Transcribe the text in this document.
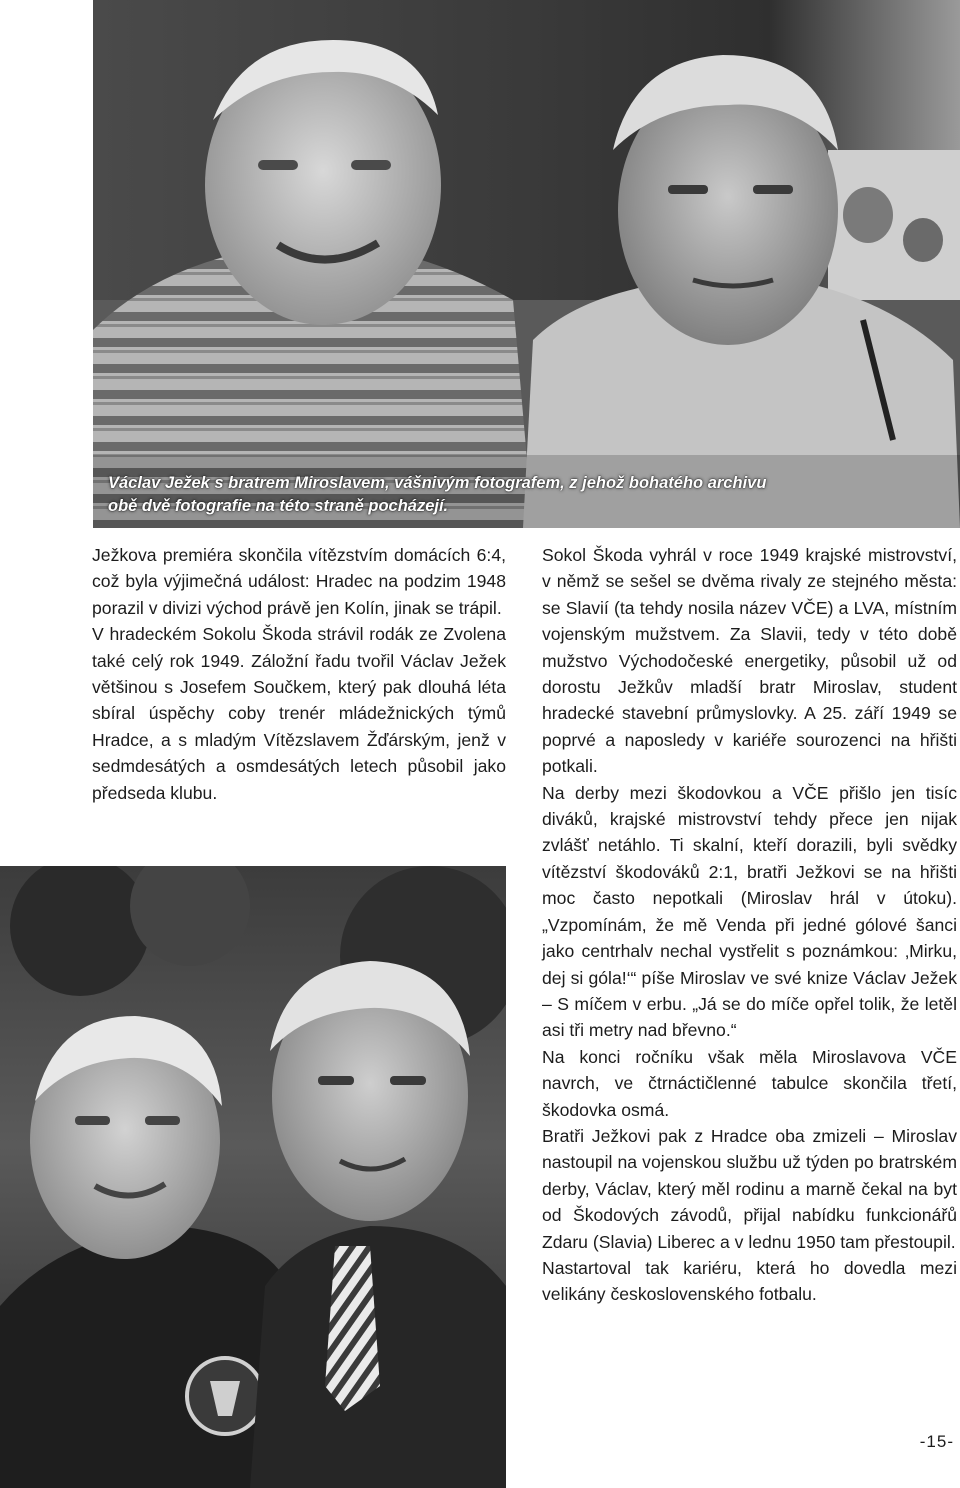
Václav Ježek s bratrem Miroslavem, vášnivým fotografem, z jehož bohatého archivu
obě dvě fotografie na této straně pocházejí.

Ježkova premiéra skončila vítězstvím domácích 6:4, což byla výjimečná událost: Hradec na podzim 1948 porazil v divizi východ právě jen Kolín, jinak se trápil.

V hradeckém Sokolu Škoda strávil rodák ze Zvolena také celý rok 1949. Záložní řadu tvořil Václav Ježek většinou s Josefem Součkem, který pak dlouhá léta sbíral úspěchy coby trenér mládežnických týmů Hradce, a s mladým Vítězslavem Žďárským, jenž v sedmdesátých a osmdesátých letech působil jako předseda klubu.

Sokol Škoda vyhrál v roce 1949 krajské mistrovství, v němž se sešel se dvěma rivaly ze stejného města: se Slavií (ta tehdy nosila název VČE) a LVA, místním vojenským mužstvem. Za Slavii, tedy v této době mužstvo Východočeské energetiky, působil už od dorostu Ježkův mladší bratr Miroslav, student hradecké stavební průmyslovky. A 25. září 1949 se poprvé a naposledy v kariéře sourozenci na hřišti potkali.

Na derby mezi škodovkou a VČE přišlo jen tisíc diváků, krajské mistrovství tehdy přece jen nijak zvlášť netáhlo. Ti skalní, kteří dorazili, byli svědky vítězství škodováků 2:1, bratři Ježkovi se na hřišti moc často nepotkali (Miroslav hrál v útoku). „Vzpomínám, že mě Venda při jedné gólové šanci jako centrhalv nechal vystřelit s poznámkou: ‚Mirku, dej si góla!‘“ píše Miroslav ve své knize Václav Ježek – S míčem v erbu. „Já se do míče opřel tolik, že letěl asi tři metry nad břevno.“

Na konci ročníku však měla Miroslavova VČE navrch, ve čtrnáctičlenné tabulce skončila třetí, škodovka osmá.

Bratři Ježkovi pak z Hradce oba zmizeli – Miroslav nastoupil na vojenskou službu už týden po bratrském derby, Václav, který měl rodinu a marně čekal na byt od Škodových závodů, přijal nabídku funkcionářů Zdaru (Slavia) Liberec a v lednu 1950 tam přestoupil.

Nastartoval tak kariéru, která ho dovedla mezi velikány československého fotbalu.

-15-
